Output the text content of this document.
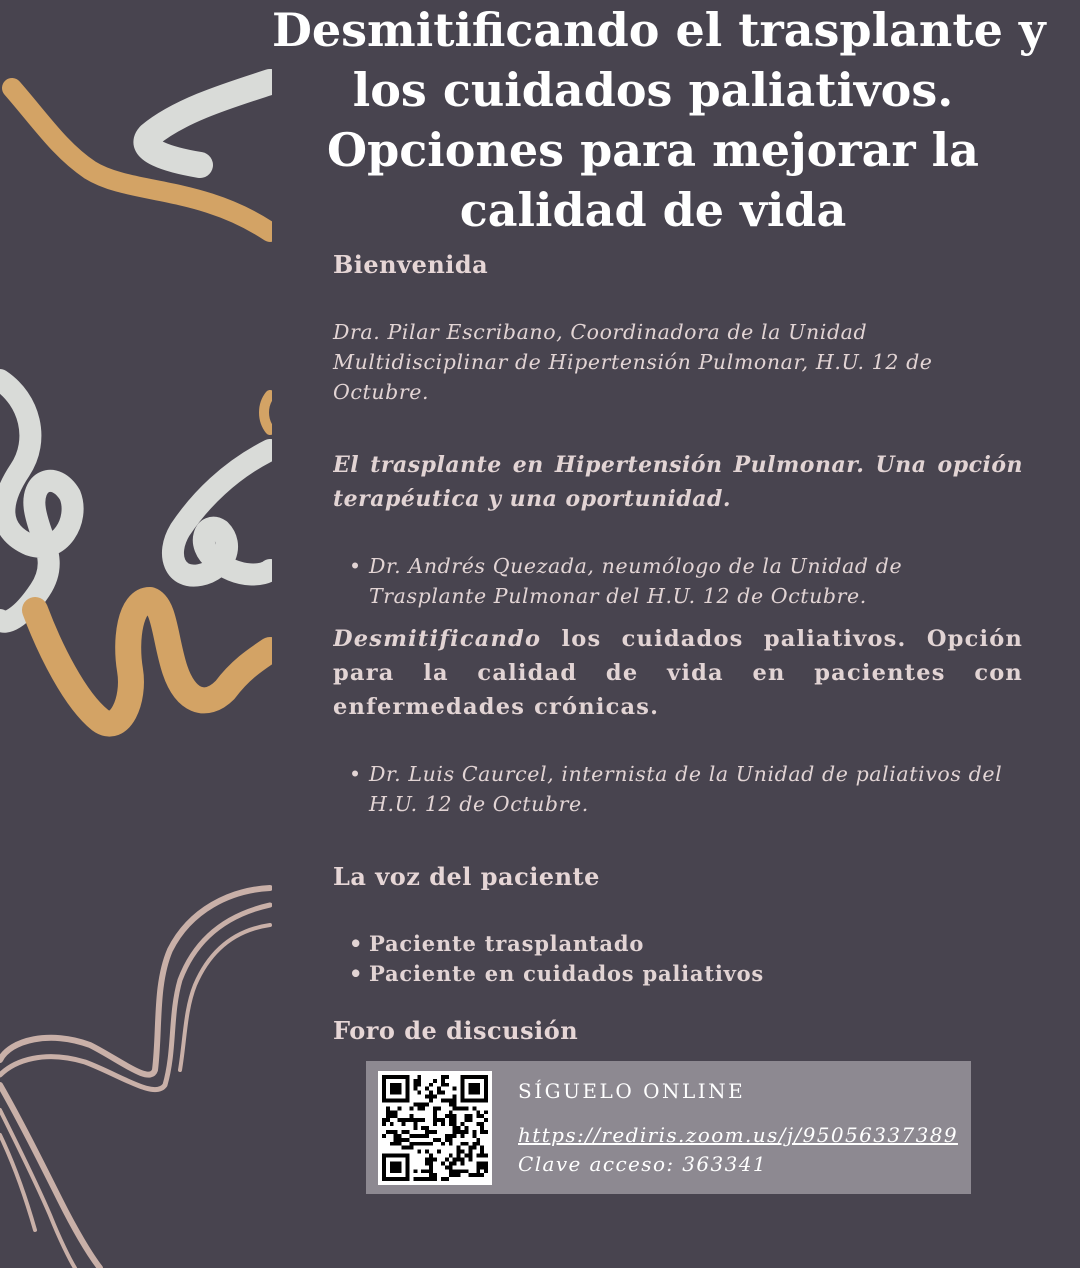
Desmitificando el trasplante y
los cuidados paliativos.
Opciones para mejorar la
calidad de vida
Bienvenida
Dra. Pilar Escribano, Coordinadora de la Unidad
Multidisciplinar de Hipertensión Pulmonar, H.U. 12 de
Octubre.
El trasplante en Hipertensión Pulmonar. Una opción
terapéutica y una oportunidad.
• Dr. Andrés Quezada, neumólogo de la Unidad de
Trasplante Pulmonar del H.U. 12 de Octubre.
Desmitificando los cuidados paliativos. Opción
para la calidad de vida en pacientes con
enfermedades crónicas.
• Dr. Luis Caurcel, internista de la Unidad de paliativos del
H.U. 12 de Octubre.
La voz del paciente
• Paciente trasplantado
• Paciente en cuidados paliativos
Foro de discusión
SÍGUELO ONLINE
https://rediris.zoom.us/j/95056337389
Clave acceso: 363341
